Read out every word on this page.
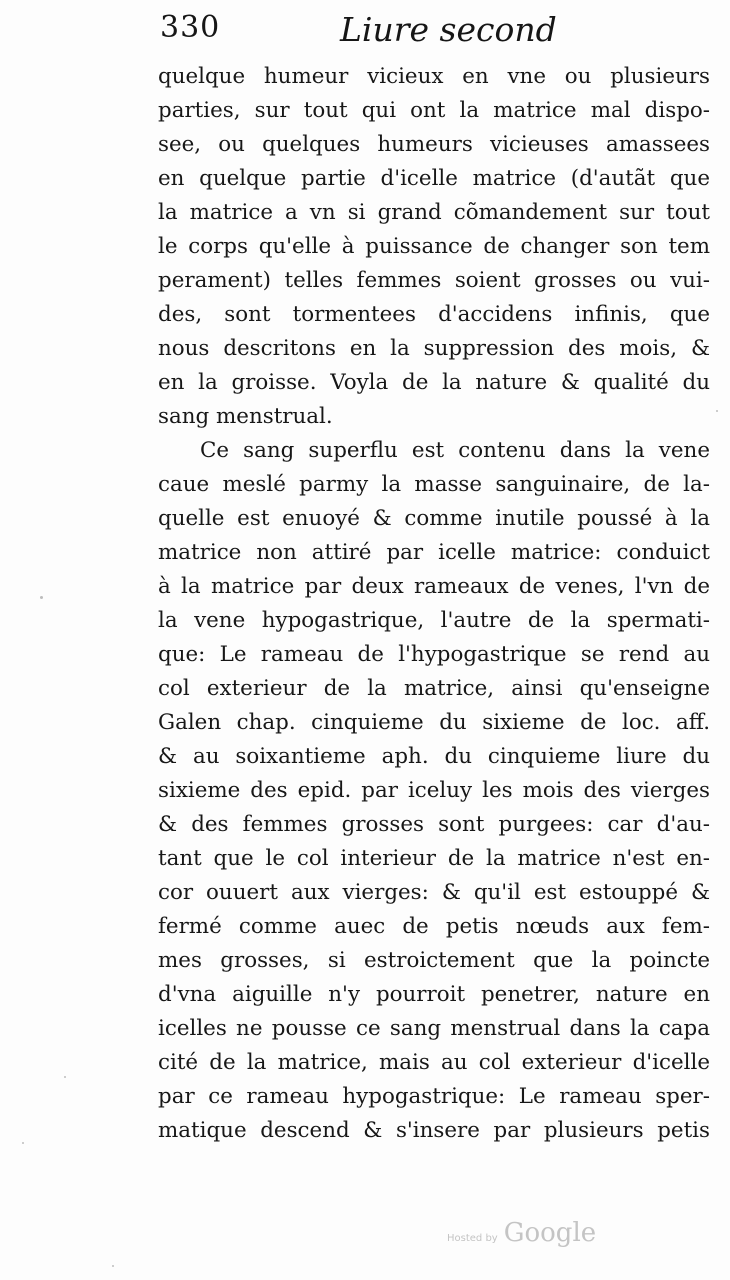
330	Liure second
quelque humeur vicieux en vne ou plusieurs
parties, sur tout qui ont la matrice mal dispo-
see, ou quelques humeurs vicieuses amassees
en quelque partie d'icelle matrice (d'autãt que
la matrice a vn si grand cõmandement sur tout
le corps qu'elle à puissance de changer son tem
perament) telles femmes soient grosses ou vui-
des, sont tormentees d'accidens infinis, que
nous descritons en la suppression des mois, &
en la groisse. Voyla de la nature & qualité du
sang menstrual.
Ce sang superflu est contenu dans la vene
caue meslé parmy la masse sanguinaire, de la-
quelle est enuoyé & comme inutile poussé à la
matrice non attiré par icelle matrice: conduict
à la matrice par deux rameaux de venes, l'vn de
la vene hypogastrique, l'autre de la spermati-
que: Le rameau de l'hypogastrique se rend au
col exterieur de la matrice, ainsi qu'enseigne
Galen chap. cinquieme du sixieme de loc. aff.
& au soixantieme aph. du cinquieme liure du
sixieme des epid. par iceluy les mois des vierges
& des femmes grosses sont purgees: car d'au-
tant que le col interieur de la matrice n'est en-
cor ouuert aux vierges: & qu'il est estouppé &
fermé comme auec de petis nœuds aux fem-
mes grosses, si estroictement que la poincte
d'vna aiguille n'y pourroit penetrer, nature en
icelles ne pousse ce sang menstrual dans la capa
cité de la matrice, mais au col exterieur d'icelle
par ce rameau hypogastrique: Le rameau sper-
matique descend & s'insere par plusieurs petis
Hosted by Google
